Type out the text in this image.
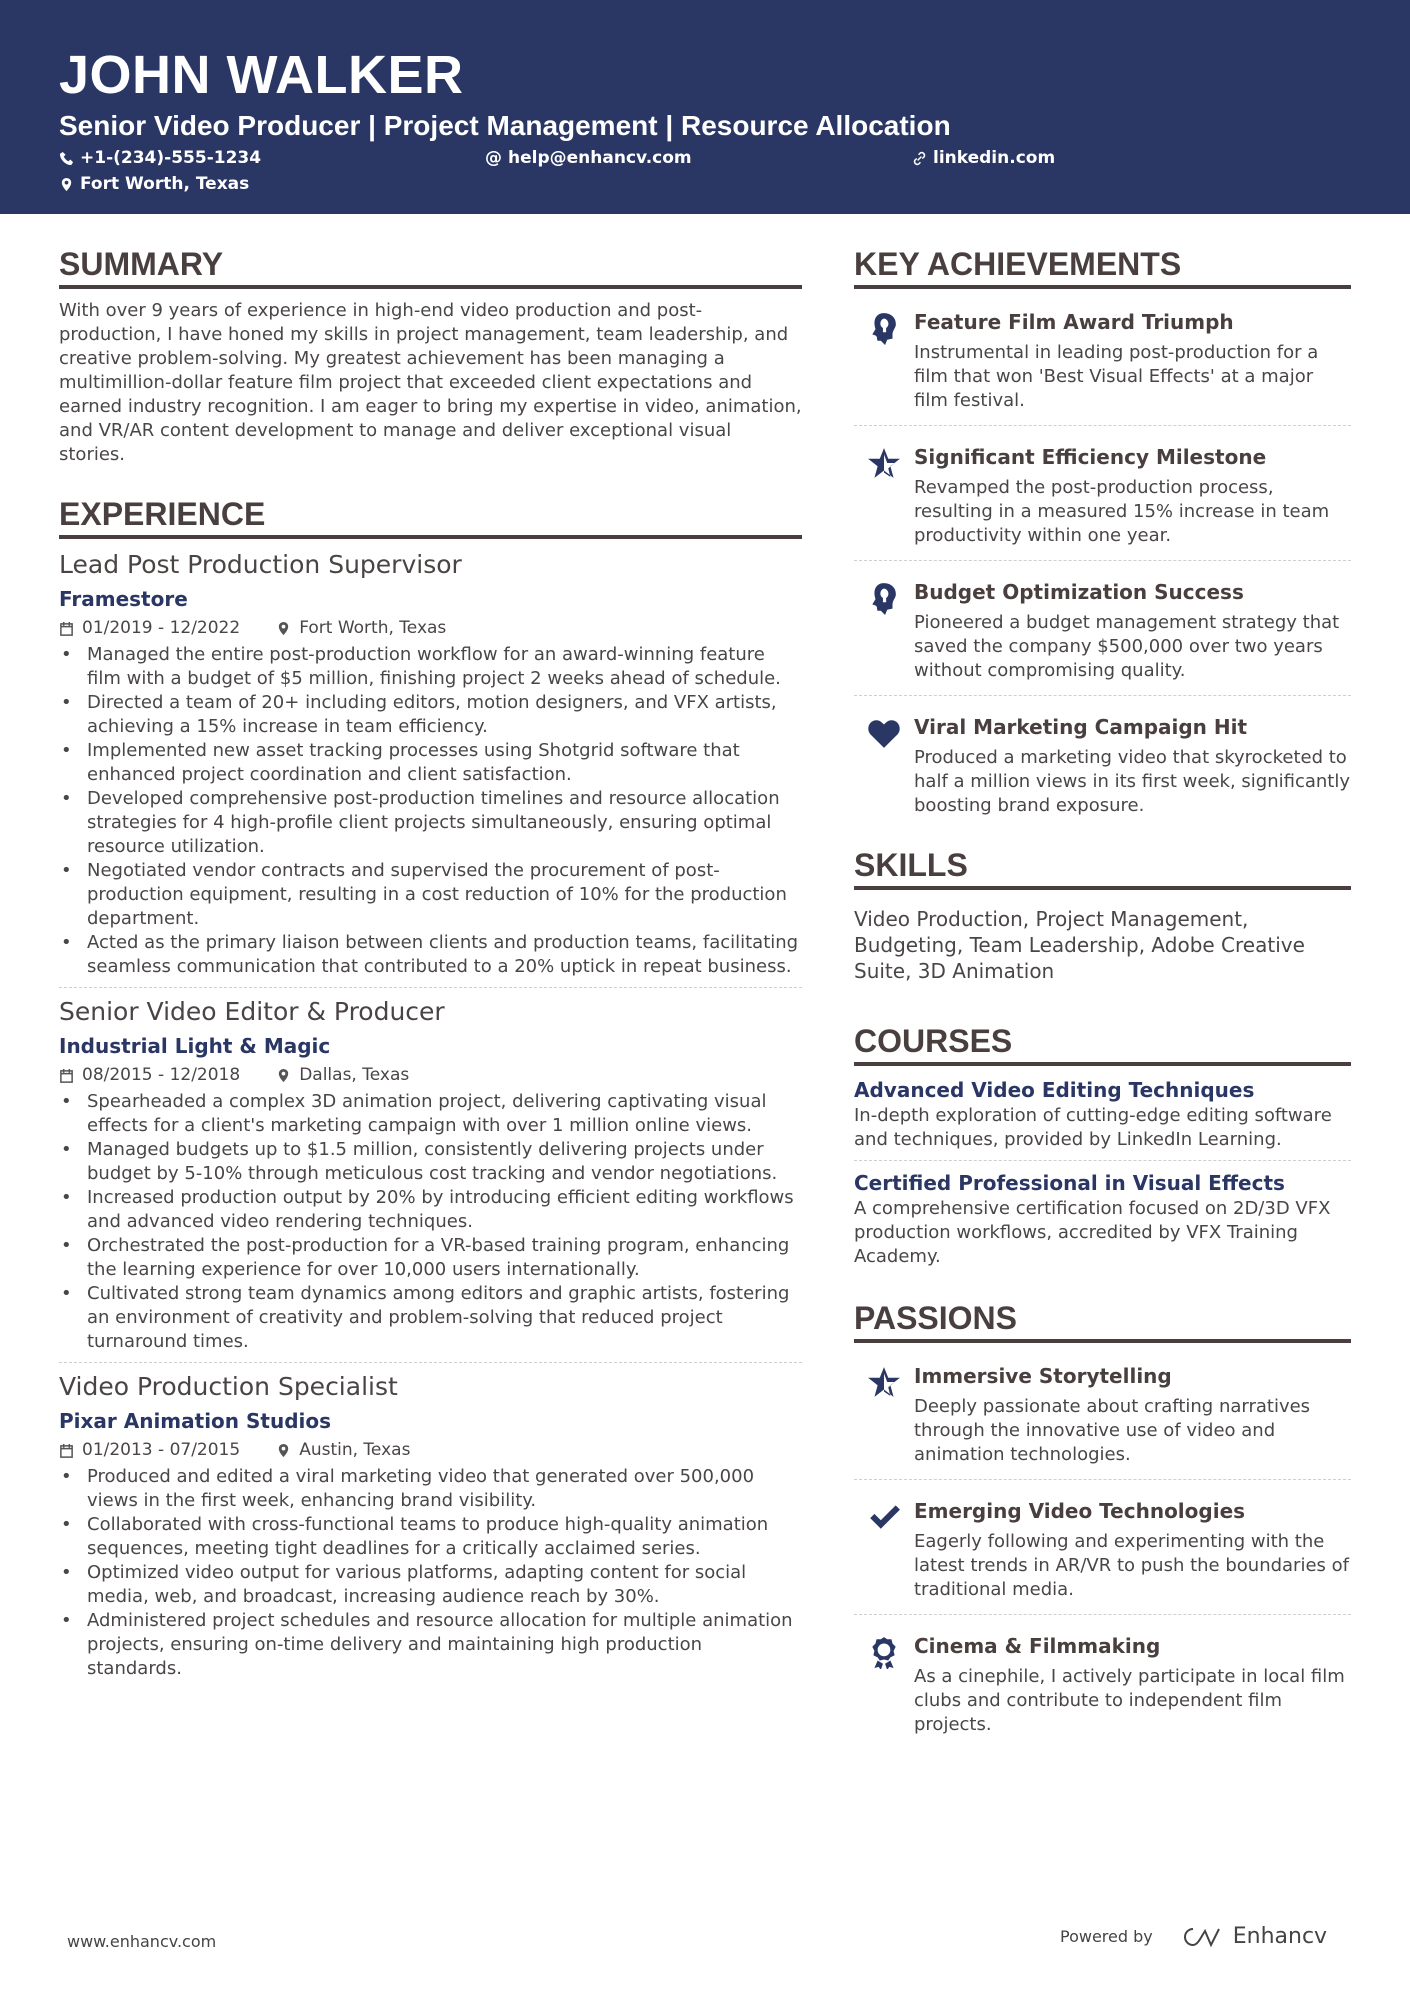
JOHN WALKER
Senior Video Producer | Project Management | Resource Allocation
+1-(234)-555-1234	@ help@enhancv.com	linkedin.com
Fort Worth, Texas
SUMMARY
With over 9 years of experience in high-end video production and post-production, I have honed my skills in project management, team leadership, and creative problem-solving. My greatest achievement has been managing a multimillion-dollar feature film project that exceeded client expectations and earned industry recognition. I am eager to bring my expertise in video, animation, and VR/AR content development to manage and deliver exceptional visual stories.
EXPERIENCE
Lead Post Production Supervisor
Framestore
01/2019 - 12/2022	Fort Worth, Texas
• Managed the entire post-production workflow for an award-winning feature film with a budget of $5 million, finishing project 2 weeks ahead of schedule.
• Directed a team of 20+ including editors, motion designers, and VFX artists, achieving a 15% increase in team efficiency.
• Implemented new asset tracking processes using Shotgrid software that enhanced project coordination and client satisfaction.
• Developed comprehensive post-production timelines and resource allocation strategies for 4 high-profile client projects simultaneously, ensuring optimal resource utilization.
• Negotiated vendor contracts and supervised the procurement of post-production equipment, resulting in a cost reduction of 10% for the production department.
• Acted as the primary liaison between clients and production teams, facilitating seamless communication that contributed to a 20% uptick in repeat business.
Senior Video Editor & Producer
Industrial Light & Magic
08/2015 - 12/2018	Dallas, Texas
• Spearheaded a complex 3D animation project, delivering captivating visual effects for a client's marketing campaign with over 1 million online views.
• Managed budgets up to $1.5 million, consistently delivering projects under budget by 5-10% through meticulous cost tracking and vendor negotiations.
• Increased production output by 20% by introducing efficient editing workflows and advanced video rendering techniques.
• Orchestrated the post-production for a VR-based training program, enhancing the learning experience for over 10,000 users internationally.
• Cultivated strong team dynamics among editors and graphic artists, fostering an environment of creativity and problem-solving that reduced project turnaround times.
Video Production Specialist
Pixar Animation Studios
01/2013 - 07/2015	Austin, Texas
• Produced and edited a viral marketing video that generated over 500,000 views in the first week, enhancing brand visibility.
• Collaborated with cross-functional teams to produce high-quality animation sequences, meeting tight deadlines for a critically acclaimed series.
• Optimized video output for various platforms, adapting content for social media, web, and broadcast, increasing audience reach by 30%.
• Administered project schedules and resource allocation for multiple animation projects, ensuring on-time delivery and maintaining high production standards.
KEY ACHIEVEMENTS
Feature Film Award Triumph
Instrumental in leading post-production for a film that won 'Best Visual Effects' at a major film festival.
Significant Efficiency Milestone
Revamped the post-production process, resulting in a measured 15% increase in team productivity within one year.
Budget Optimization Success
Pioneered a budget management strategy that saved the company $500,000 over two years without compromising quality.
Viral Marketing Campaign Hit
Produced a marketing video that skyrocketed to half a million views in its first week, significantly boosting brand exposure.
SKILLS
Video Production, Project Management, Budgeting, Team Leadership, Adobe Creative Suite, 3D Animation
COURSES
Advanced Video Editing Techniques
In-depth exploration of cutting-edge editing software and techniques, provided by LinkedIn Learning.
Certified Professional in Visual Effects
A comprehensive certification focused on 2D/3D VFX production workflows, accredited by VFX Training Academy.
PASSIONS
Immersive Storytelling
Deeply passionate about crafting narratives through the innovative use of video and animation technologies.
Emerging Video Technologies
Eagerly following and experimenting with the latest trends in AR/VR to push the boundaries of traditional media.
Cinema & Filmmaking
As a cinephile, I actively participate in local film clubs and contribute to independent film projects.
www.enhancv.com	Powered by	Enhancv
